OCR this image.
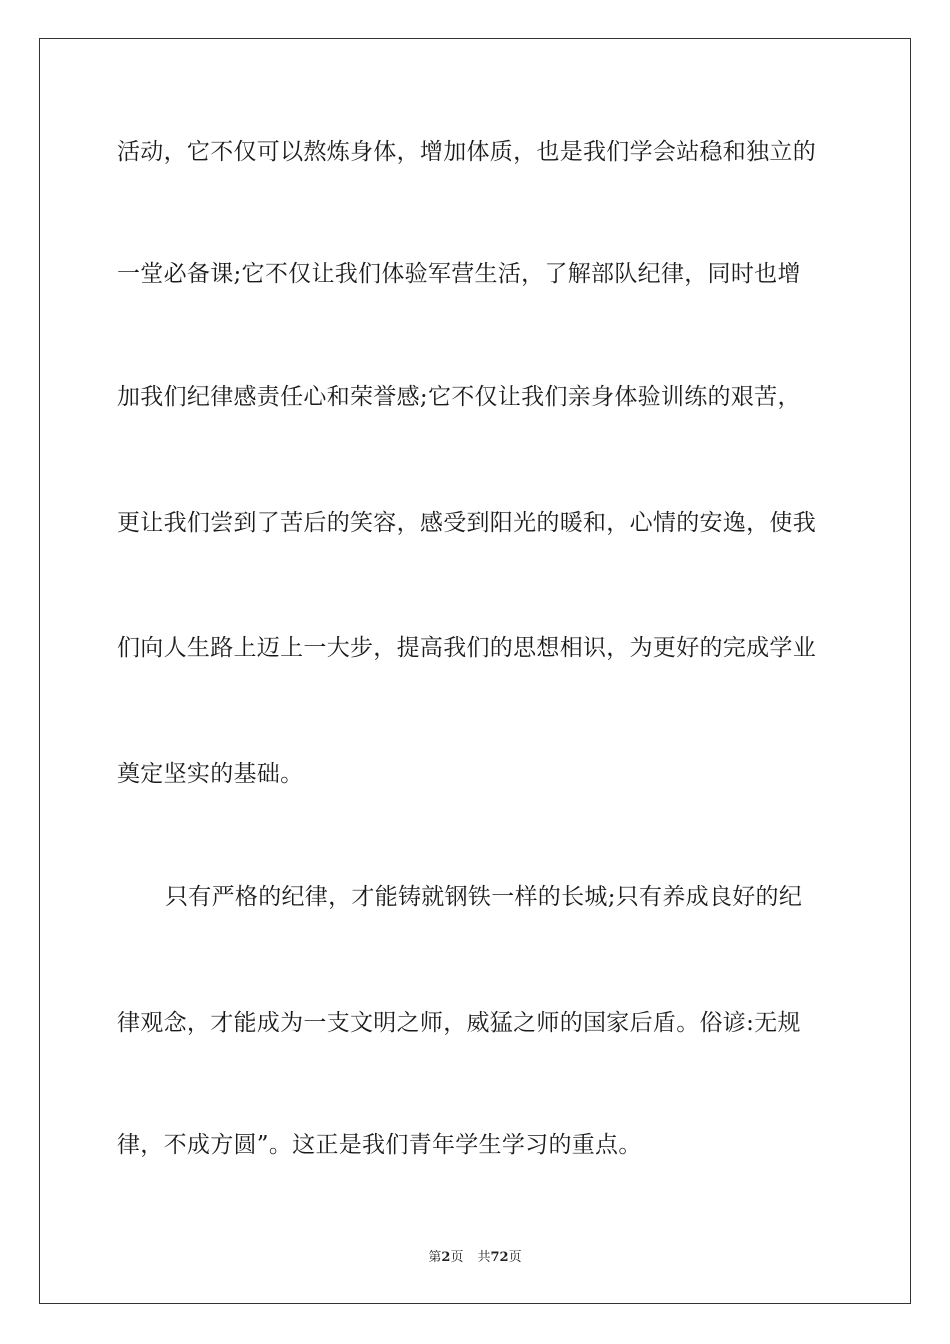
活动，它不仅可以熬炼身体，增加体质，也是我们学会站稳和独立的
一堂必备课;它不仅让我们体验军营生活，了解部队纪律，同时也增
加我们纪律感责任心和荣誉感;它不仅让我们亲身体验训练的艰苦，
更让我们尝到了苦后的笑容，感受到阳光的暖和，心情的安逸，使我
们向人生路上迈上一大步，提高我们的思想相识，为更好的完成学业
奠定坚实的基础。
只有严格的纪律，才能铸就钢铁一样的长城;只有养成良好的纪
律观念，才能成为一支文明之师，威猛之师的国家后盾。俗谚:无规
律，不成方圆”。这正是我们青年学生学习的重点。
第2页 共72页
